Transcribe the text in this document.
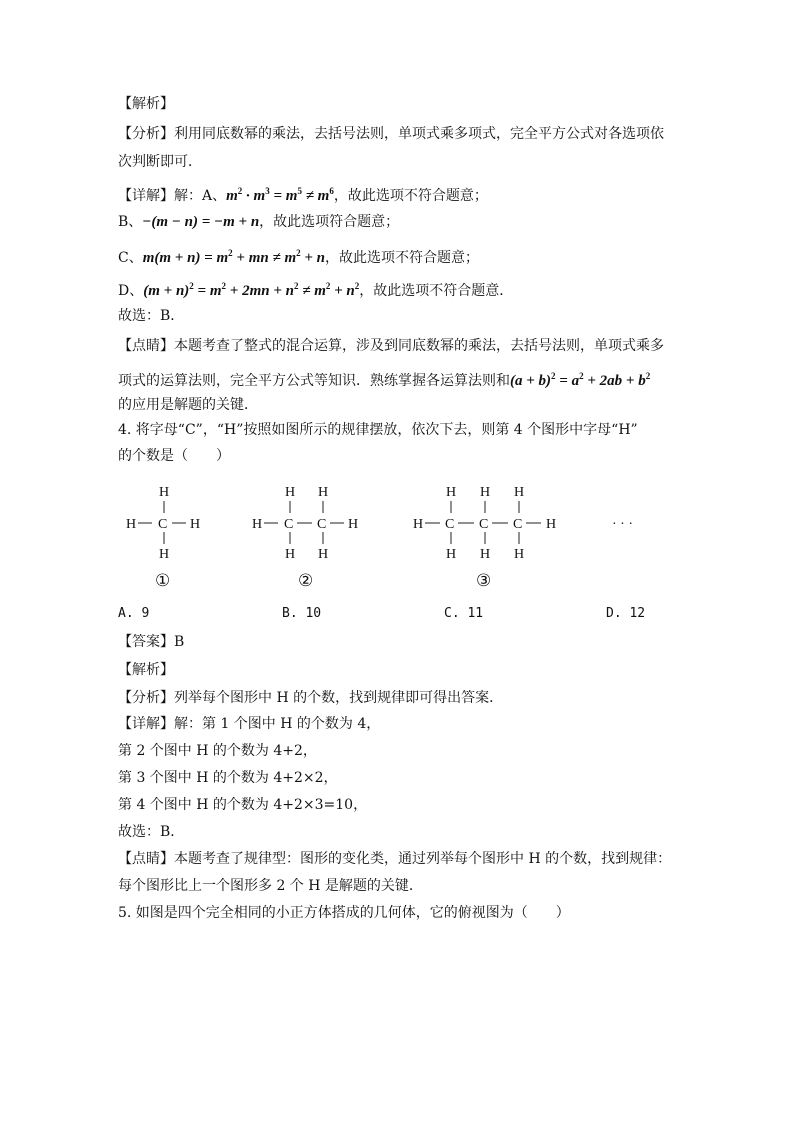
【解析】
【分析】利用同底数幂的乘法，去括号法则，单项式乘多项式，完全平方公式对各选项依
次判断即可．
【详解】解：A、$m^2 \cdot m^3 = m^5 \ne m^6$，故此选项不符合题意；
B、−(m − n) = −m + n，故此选项符合题意；
C、$m(m + n) = m^2$ + mn ≠ $m^2 + n$，故此选项不符合题意；
D、$(m + n)^2 = m^2 + 2mn + n^2 \ne m^2 + n^2$，故此选项不符合题意．
故选：B．
【点睛】本题考查了整式的混合运算，涉及到同底数幂的乘法，去括号法则，单项式乘多
项式的运算法则，完全平方公式等知识．熟练掌握各运算法则和$(a + b)^2 = a^2 + 2ab + b^2$
的应用是解题的关键．
4. 将字母“C”，“H”按照如图所示的规律摆放，依次下去，则第 4 个图形中字母“H”
的个数是（　　）
H
H C H
H
H H
H C C H
H H
H H H
H C C C H
H H H
· · ·
①	②	③
A. 9	B. 10	C. 11	D. 12
【答案】B
【解析】
【分析】列举每个图形中 H 的个数，找到规律即可得出答案．
【详解】解：第 1 个图中 H 的个数为 4，
第 2 个图中 H 的个数为 4+2，
第 3 个图中 H 的个数为 4+2×2，
第 4 个图中 H 的个数为 4+2×3=10，
故选：B．
【点睛】本题考查了规律型：图形的变化类，通过列举每个图形中 H 的个数，找到规律：
每个图形比上一个图形多 2 个 H 是解题的关键．
5. 如图是四个完全相同的小正方体搭成的几何体，它的俯视图为（　　）
